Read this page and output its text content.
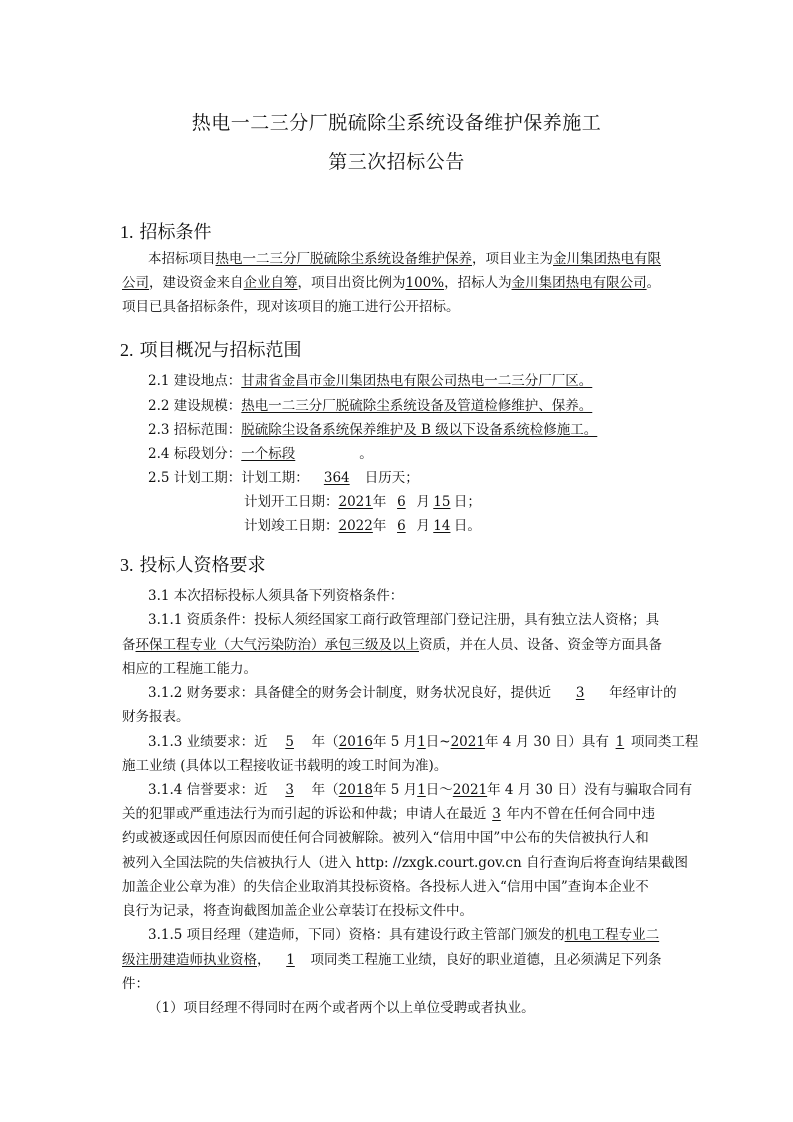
热电一二三分厂脱硫除尘系统设备维护保养施工
第三次招标公告
1. 招标条件
本招标项目热电一二三分厂脱硫除尘系统设备维护保养，项目业主为金川集团热电有限
公司，建设资金来自企业自筹，项目出资比例为100%，招标人为金川集团热电有限公司。
项目已具备招标条件，现对该项目的施工进行公开招标。
2. 项目概况与招标范围
2.1 建设地点：甘肃省金昌市金川集团热电有限公司热电一二三分厂厂区。
2.2 建设规模：热电一二三分厂脱硫除尘系统设备及管道检修维护、保养。
2.3 招标范围：脱硫除尘设备系统保养维护及 B 级以下设备系统检修施工。
2.4 标段划分：一个标段	。
2.5 计划工期：计划工期： 364 日历天；
计划开工日期：2021年 6 月 15 日；
计划竣工日期：2022年 6 月 14 日。
3. 投标人资格要求
3.1 本次招标投标人须具备下列资格条件：
3.1.1 资质条件：投标人须经国家工商行政管理部门登记注册，具有独立法人资格；具
备环保工程专业（大气污染防治）承包三级及以上资质，并在人员、设备、资金等方面具备
相应的工程施工能力。
3.1.2 财务要求：具备健全的财务会计制度，财务状况良好，提供近 3 年经审计的
财务报表。
3.1.3 业绩要求：近 5 年（2016年 5 月1日~2021年 4 月 30 日）具有 1 项同类工程
施工业绩 (具体以工程接收证书载明的竣工时间为准)。
3.1.4 信誉要求：近 3 年（2018年 5 月1日～2021年 4 月 30 日）没有与骗取合同有
关的犯罪或严重违法行为而引起的诉讼和仲裁；申请人在最近 3 年内不曾在任何合同中违
约或被逐或因任何原因而使任何合同被解除。被列入“信用中国”中公布的失信被执行人和
被列入全国法院的失信被执行人（进入 http: //zxgk.court.gov.cn 自行查询后将查询结果截图
加盖企业公章为准）的失信企业取消其投标资格。各投标人进入“信用中国”查询本企业不
良行为记录，将查询截图加盖企业公章装订在投标文件中。
3.1.5 项目经理（建造师，下同）资格：具有建设行政主管部门颁发的机电工程专业二
级注册建造师执业资格， 1 项同类工程施工业绩，良好的职业道德，且必须满足下列条
件：
（1）项目经理不得同时在两个或者两个以上单位受聘或者执业。
